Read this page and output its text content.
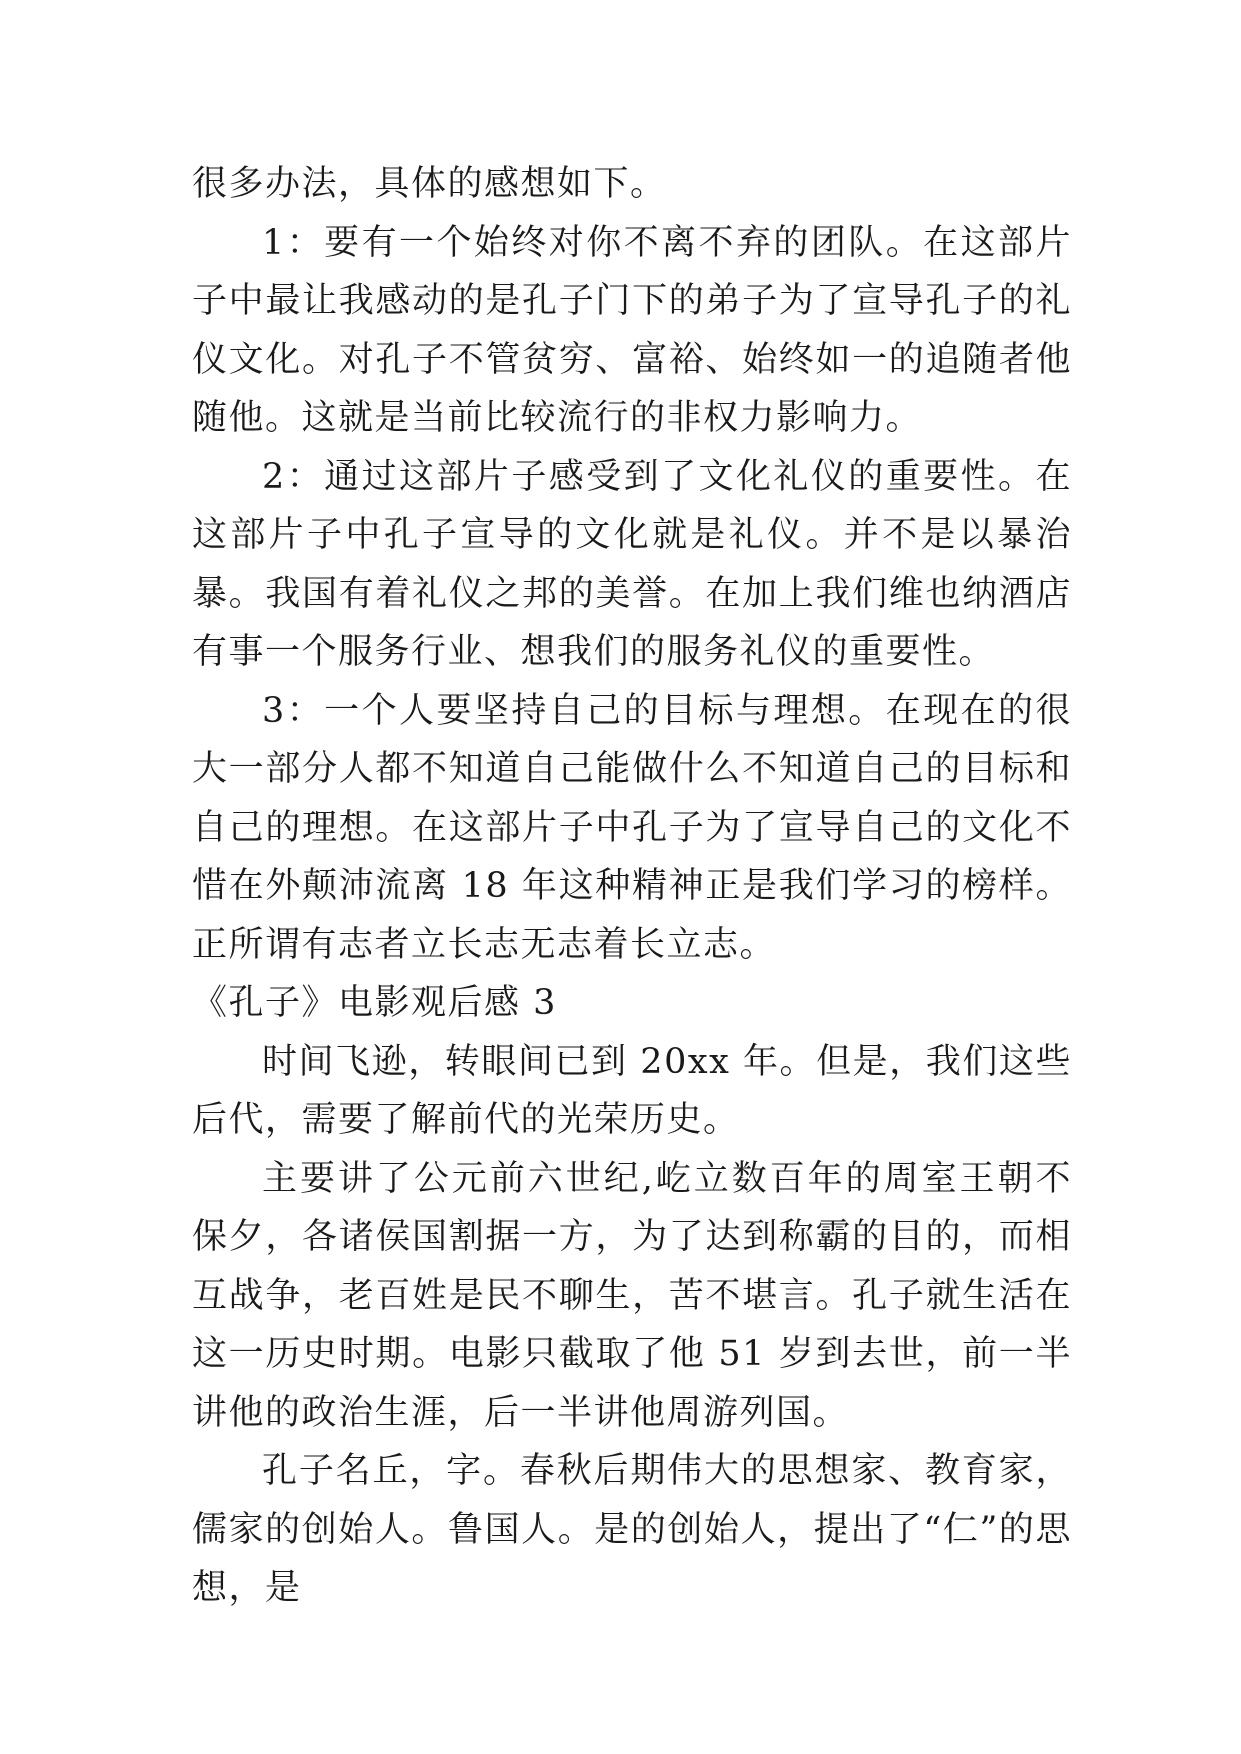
很多办法，具体的感想如下。

1：要有一个始终对你不离不弃的团队。在这部片子中最让我感动的是孔子门下的弟子为了宣导孔子的礼仪文化。对孔子不管贫穷、富裕、始终如一的追随者他随他。这就是当前比较流行的非权力影响力。

2：通过这部片子感受到了文化礼仪的重要性。在这部片子中孔子宣导的文化就是礼仪。并不是以暴治暴。我国有着礼仪之邦的美誉。在加上我们维也纳酒店有事一个服务行业、想我们的服务礼仪的重要性。

3：一个人要坚持自己的目标与理想。在现在的很大一部分人都不知道自己能做什么不知道自己的目标和自己的理想。在这部片子中孔子为了宣导自己的文化不惜在外颠沛流离 18 年这种精神正是我们学习的榜样。正所谓有志者立长志无志着长立志。

《孔子》电影观后感 3

时间飞逊，转眼间已到 20xx 年。但是，我们这些后代，需要了解前代的光荣历史。

主要讲了公元前六世纪,屹立数百年的周室王朝不保夕，各诸侯国割据一方，为了达到称霸的目的，而相互战争，老百姓是民不聊生，苦不堪言。孔子就生活在这一历史时期。电影只截取了他 51 岁到去世，前一半讲他的政治生涯，后一半讲他周游列国。

孔子名丘，字。春秋后期伟大的思想家、教育家，儒家的创始人。鲁国人。是的创始人，提出了“仁”的思想，是
